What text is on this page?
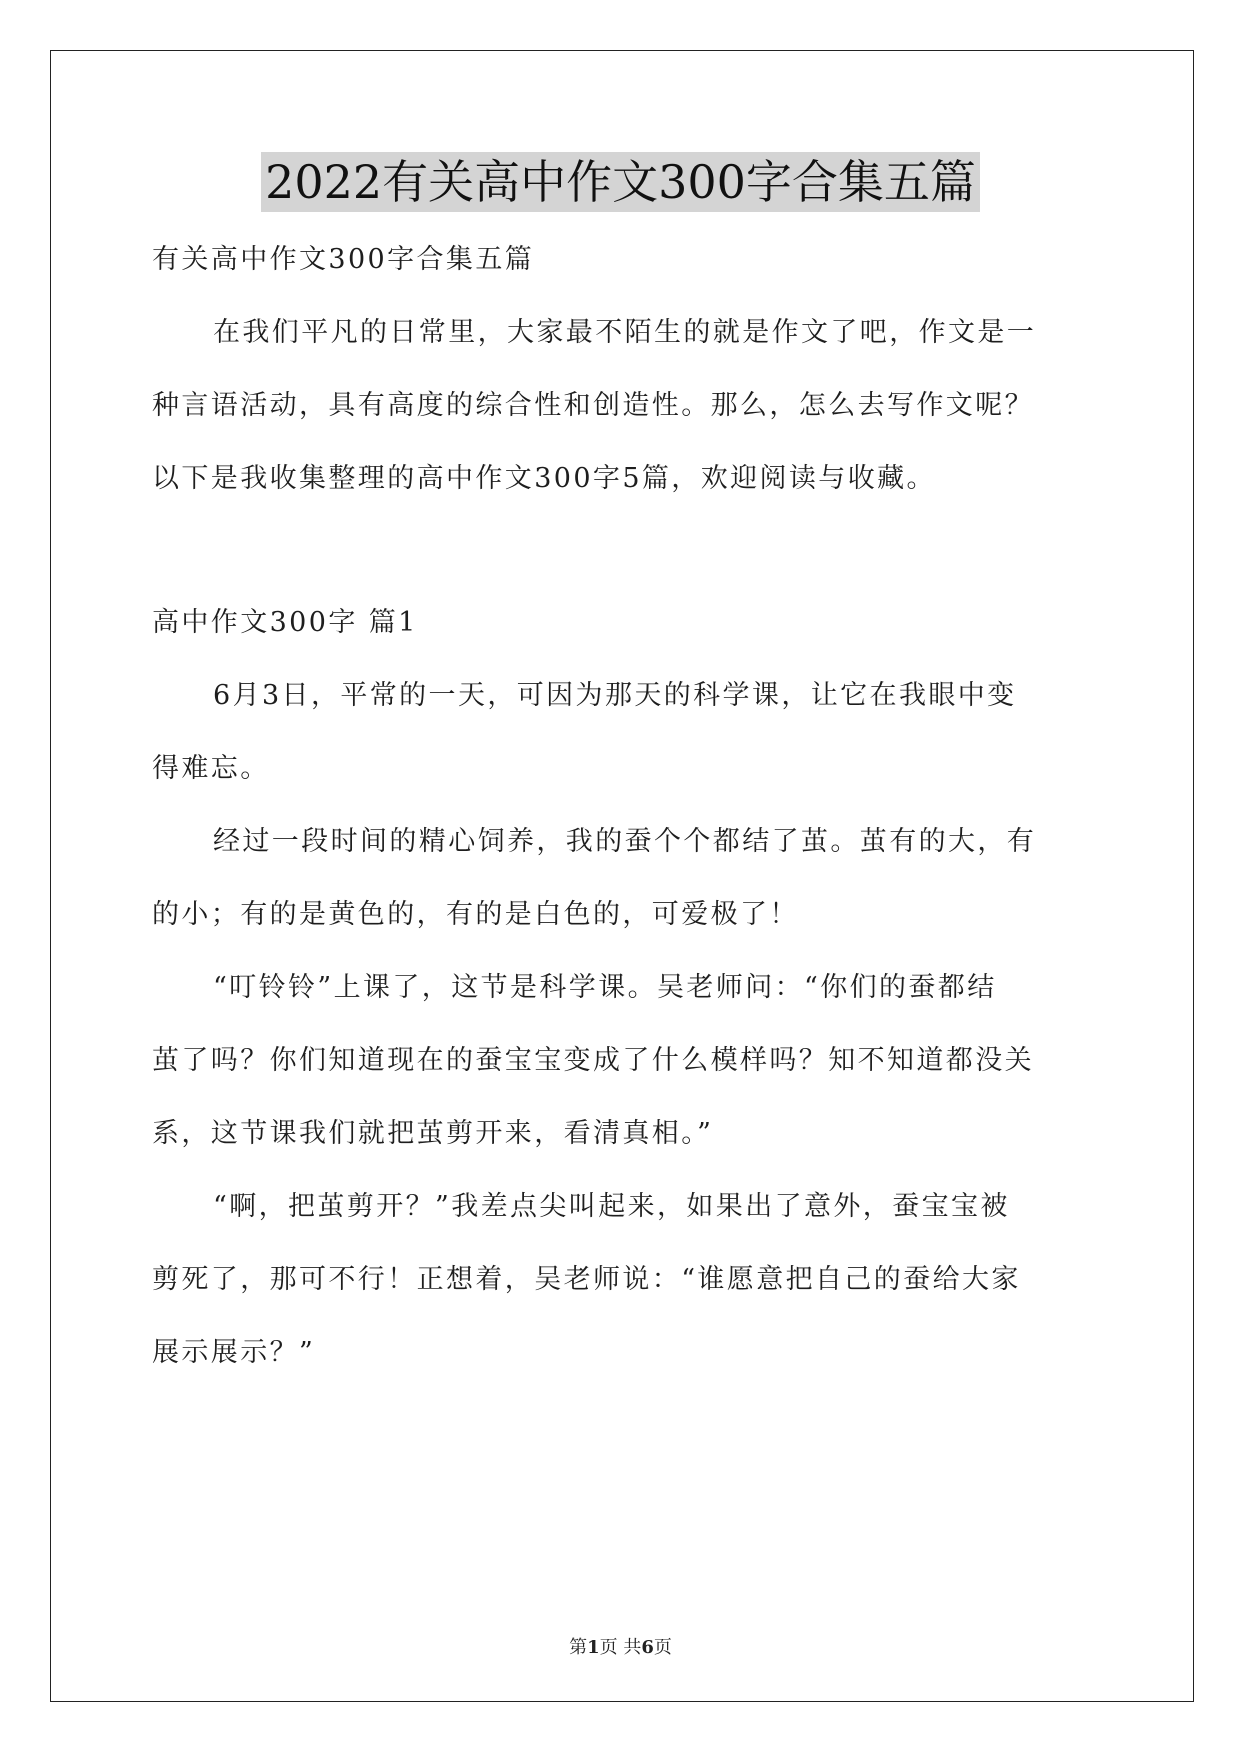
2022有关高中作文300字合集五篇
有关高中作文300字合集五篇
在我们平凡的日常里，大家最不陌生的就是作文了吧，作文是一
种言语活动，具有高度的综合性和创造性。那么，怎么去写作文呢？
以下是我收集整理的高中作文300字5篇，欢迎阅读与收藏。
高中作文300字 篇1
6月3日，平常的一天，可因为那天的科学课，让它在我眼中变
得难忘。
经过一段时间的精心饲养，我的蚕个个都结了茧。茧有的大，有
的小；有的是黄色的，有的是白色的，可爱极了！
“叮铃铃”上课了，这节是科学课。吴老师问：“你们的蚕都结
茧了吗？你们知道现在的蚕宝宝变成了什么模样吗？知不知道都没关
系，这节课我们就把茧剪开来，看清真相。”
“啊，把茧剪开？”我差点尖叫起来，如果出了意外，蚕宝宝被
剪死了，那可不行！正想着，吴老师说：“谁愿意把自己的蚕给大家
展示展示？”
第1页 共6页
